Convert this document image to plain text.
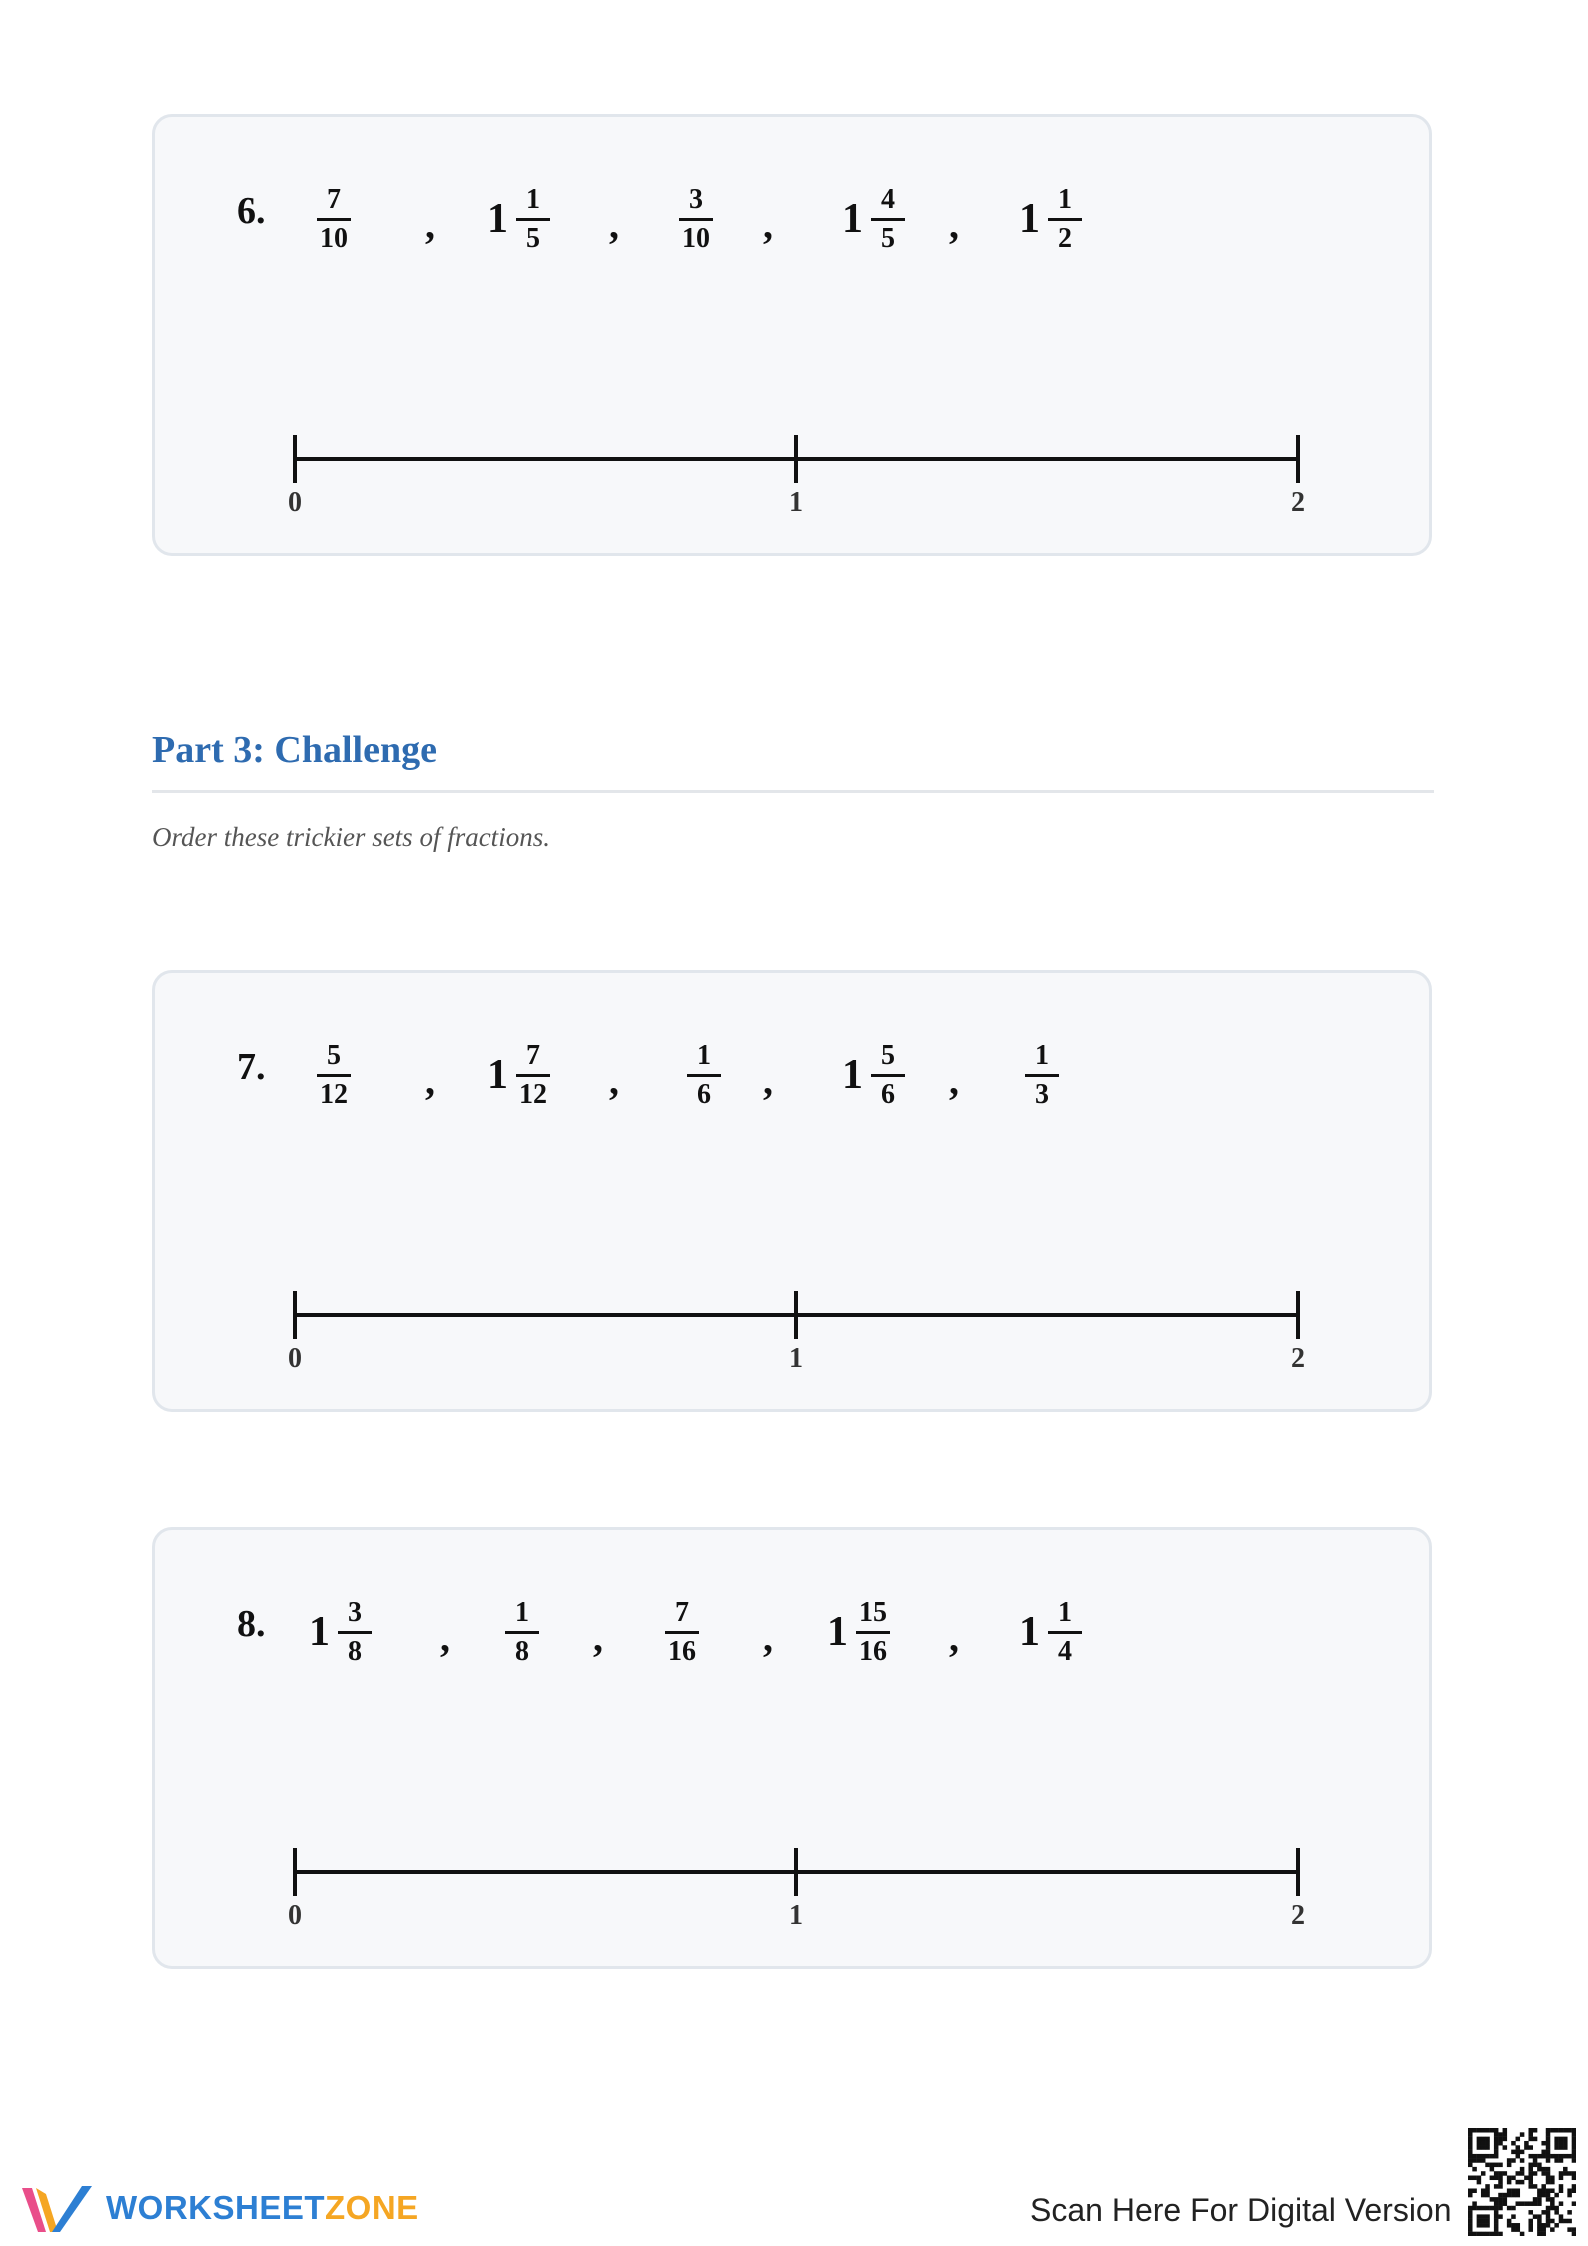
6. $\frac{7}{10}$ , $1 \frac{1}{5}$ , $\frac{3}{10}$ , $1 \frac{4}{5}$ , $1 \frac{1}{2}$
0	1	2
Part 3: Challenge
Order these trickier sets of fractions.
7. $\frac{5}{12}$ , $1 \frac{7}{12}$ , $\frac{1}{6}$ , $1 \frac{5}{6}$ , $\frac{1}{3}$
0	1	2
8. $1 \frac{3}{8}$ , $\frac{1}{8}$ , $\frac{7}{16}$ , $1 \frac{15}{16}$ , $1 \frac{1}{4}$
0	1	2
WORKSHEETZONE	Scan Here For Digital Version
